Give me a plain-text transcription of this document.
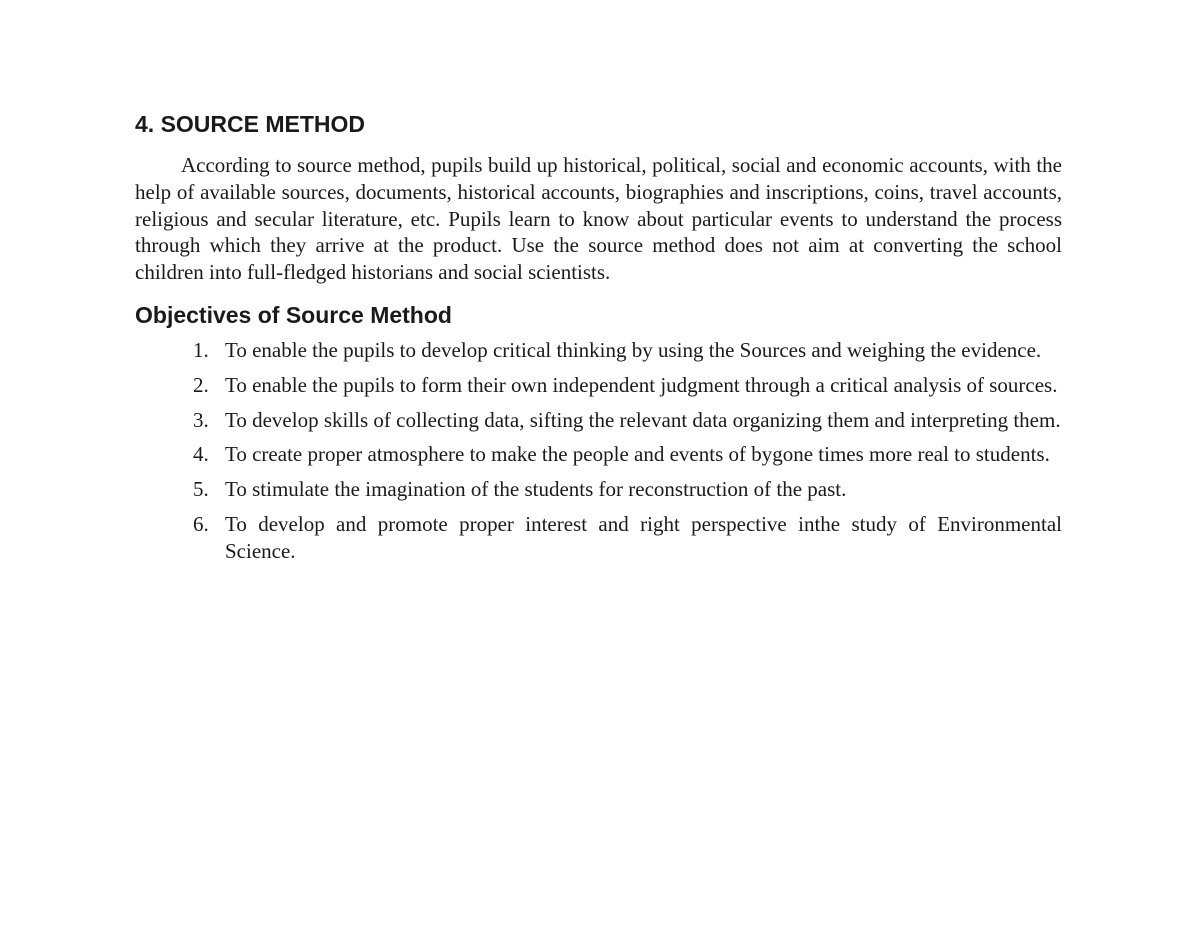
4. SOURCE METHOD

According to source method, pupils build up historical, political, social and economic accounts, with the help of available sources, documents, historical accounts, biographies and inscriptions, coins, travel accounts, religious and secular literature, etc. Pupils learn to know about particular events to understand the process through which they arrive at the product. Use the source method does not aim at converting the school children into full-fledged historians and social scientists.

Objectives of Source Method
1. To enable the pupils to develop critical thinking by using the Sources and weighing the evidence.
2. To enable the pupils to form their own independent judgment through a critical analysis of sources.
3. To develop skills of collecting data, sifting the relevant data organizing them and interpreting them.
4. To create proper atmosphere to make the people and events of bygone times more real to students.
5. To stimulate the imagination of the students for reconstruction of the past.
6. To develop and promote proper interest and right perspective inthe study of Environmental Science.
